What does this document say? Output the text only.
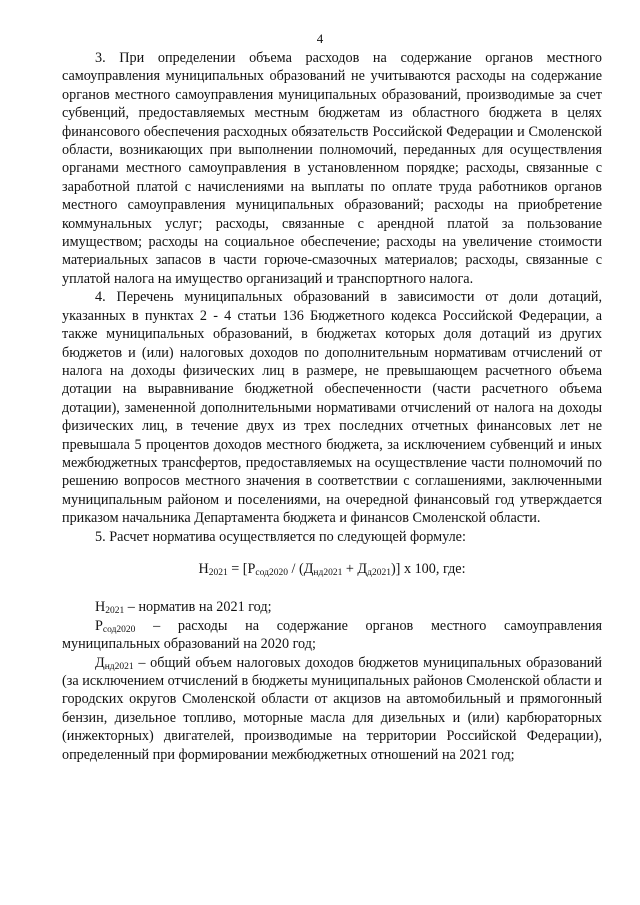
4

3. При определении объема расходов на содержание органов местного самоуправления муниципальных образований не учитываются расходы на содержание органов местного самоуправления муниципальных образований, производимые за счет субвенций, предоставляемых местным бюджетам из областного бюджета в целях финансового обеспечения расходных обязательств Российской Федерации и Смоленской области, возникающих при выполнении полномочий, переданных для осуществления органами местного самоуправления в установленном порядке; расходы, связанные с заработной платой с начислениями на выплаты по оплате труда работников органов местного самоуправления муниципальных образований; расходы на приобретение коммунальных услуг; расходы, связанные с арендной платой за пользование имуществом; расходы на социальное обеспечение; расходы на увеличение стоимости материальных запасов в части горюче-смазочных материалов; расходы, связанные с уплатой налога на имущество организаций и транспортного налога.

4. Перечень муниципальных образований в зависимости от доли дотаций, указанных в пунктах 2 - 4 статьи 136 Бюджетного кодекса Российской Федерации, а также муниципальных образований, в бюджетах которых доля дотаций из других бюджетов и (или) налоговых доходов по дополнительным нормативам отчислений от налога на доходы физических лиц в размере, не превышающем расчетного объема дотации на выравнивание бюджетной обеспеченности (части расчетного объема дотации), замененной дополнительными нормативами отчислений от налога на доходы физических лиц, в течение двух из трех последних отчетных финансовых лет не превышала 5 процентов доходов местного бюджета, за исключением субвенций и иных межбюджетных трансфертов, предоставляемых на осуществление части полномочий по решению вопросов местного значения в соответствии с соглашениями, заключенными муниципальным районом и поселениями, на очередной финансовый год утверждается приказом начальника Департамента бюджета и финансов Смоленской области.

5. Расчет норматива осуществляется по следующей формуле:

$Н_{2021} = [Р_{сод2020} / (Д_{нд2021} + Д_{д2021})]$ х 100, где:

$Н_{2021}$ – норматив на 2021 год;

$Р_{сод2020}$ – расходы на содержание органов местного самоуправления муниципальных образований на 2020 год;

$Д_{нд2021}$ – общий объем налоговых доходов бюджетов муниципальных образований (за исключением отчислений в бюджеты муниципальных районов Смоленской области и городских округов Смоленской области от акцизов на автомобильный и прямогонный бензин, дизельное топливо, моторные масла для дизельных и (или) карбюраторных (инжекторных) двигателей, производимые на территории Российской Федерации), определенный при формировании межбюджетных отношений на 2021 год;
